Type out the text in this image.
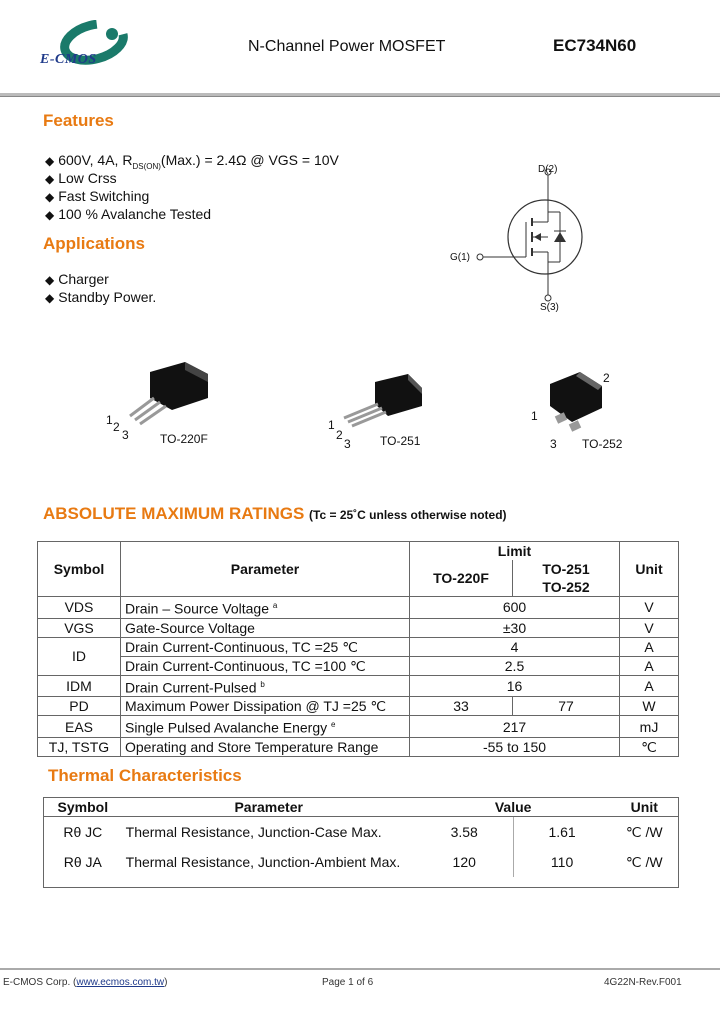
E-CMOS
N-Channel Power MOSFET	EC734N60
Features
◆ 600V, 4A, $R_{DS(ON)}(Max.) = 2.4\Omega$ @ VGS = 10V
◆ Low Crss
◆ Fast Switching
◆ 100 % Avalanche Tested
Applications
◆ Charger
◆ Standby Power.
D(2)
G(1)
S(3)
1 2
3	TO-220F
1
2
3 TO-251
2
1
3 TO-252
ABSOLUTE MAXIMUM RATINGS (Tc = 25˚C unless otherwise noted)
Symbol	Parameter	Limit		Unit
		TO-220F	TO-251
TO-252	
VDS	Drain – Source Voltage $^a$	600		V
VGS	Gate-Source Voltage	±30		V
ID	Drain Current-Continuous, TC =25 ℃	4		A
	Drain Current-Continuous, TC =100 ℃	2.5		A
IDM	Drain Current-Pulsed $^b$	16		A
PD	Maximum Power Dissipation @ TJ =25 ℃	33	77	W
EAS	Single Pulsed Avalanche Energy $^e$	217		mJ
TJ, TSTG	Operating and Store Temperature Range	-55 to 150		℃
Thermal Characteristics
Symbol	Parameter	Value		Unit
Rθ JC	Thermal Resistance, Junction-Case Max.	3.58	1.61	℃ /W
Rθ JA	Thermal Resistance, Junction-Ambient Max.	120	110	℃ /W

E-CMOS Corp. (www.ecmos.com.tw)	Page 1 of 6	4G22N-Rev.F001
